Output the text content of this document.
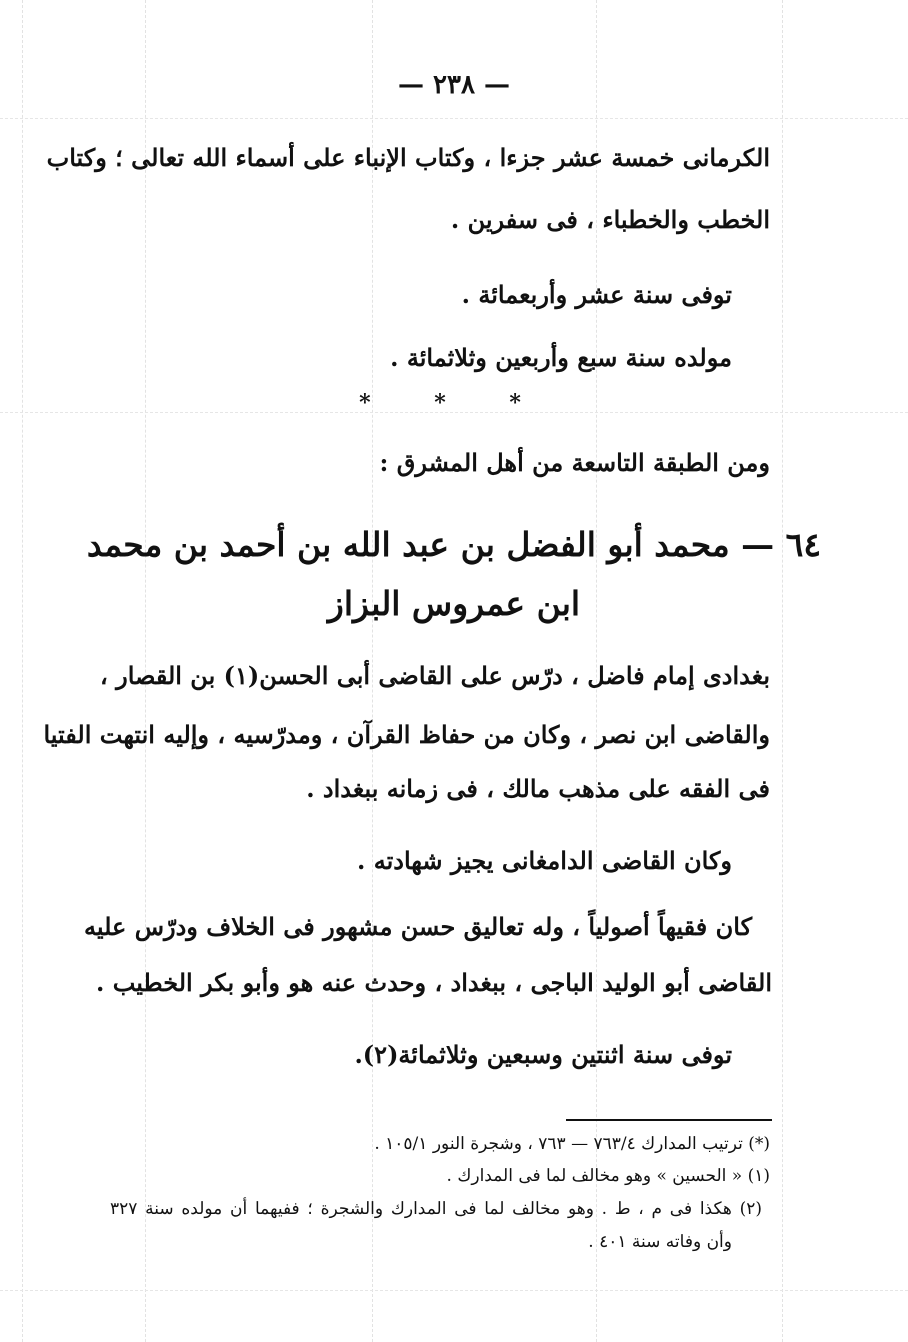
— ٢٣٨ —
الكرمانى خمسة عشر جزءا ، وكتاب الإنباء على أسماء الله تعالى ؛ وكتاب
الخطب والخطباء ، فى سفرين .
توفى سنة عشر وأربعمائة .
مولده سنة سبع وأربعين وثلاثمائة .
* * *
ومن الطبقة التاسعة من أهل المشرق :
٦٤ — محمد أبو الفضل بن عبد الله بن أحمد بن محمد
ابن عمروس البزاز
بغدادى إمام فاضل ، درّس على القاضى أبى الحسن(١) بن القصار ،
والقاضى ابن نصر ، وكان من حفاظ القرآن ، ومدرّسيه ، وإليه انتهت الفتيا
فى الفقه على مذهب مالك ، فى زمانه ببغداد .
وكان القاضى الدامغانى يجيز شهادته .
كان فقيهاً أصولياً ، وله تعاليق حسن مشهور فى الخلاف ودرّس عليه
القاضى أبو الوليد الباجى ، ببغداد ، وحدث عنه هو وأبو بكر الخطيب .
توفى سنة اثنتين وسبعين وثلاثمائة(٢).
(*) ترتيب المدارك ٧٦٣/٤ — ٧٦٣ ، وشجرة النور ١٠٥/١ .
(١) « الحسين » وهو مخالف لما فى المدارك .
(٢) هكذا فى م ، ط . وهو مخالف لما فى المدارك والشجرة ؛ ففيهما أن مولده سنة ٣٢٧
وأن وفاته سنة ٤٠١ .
